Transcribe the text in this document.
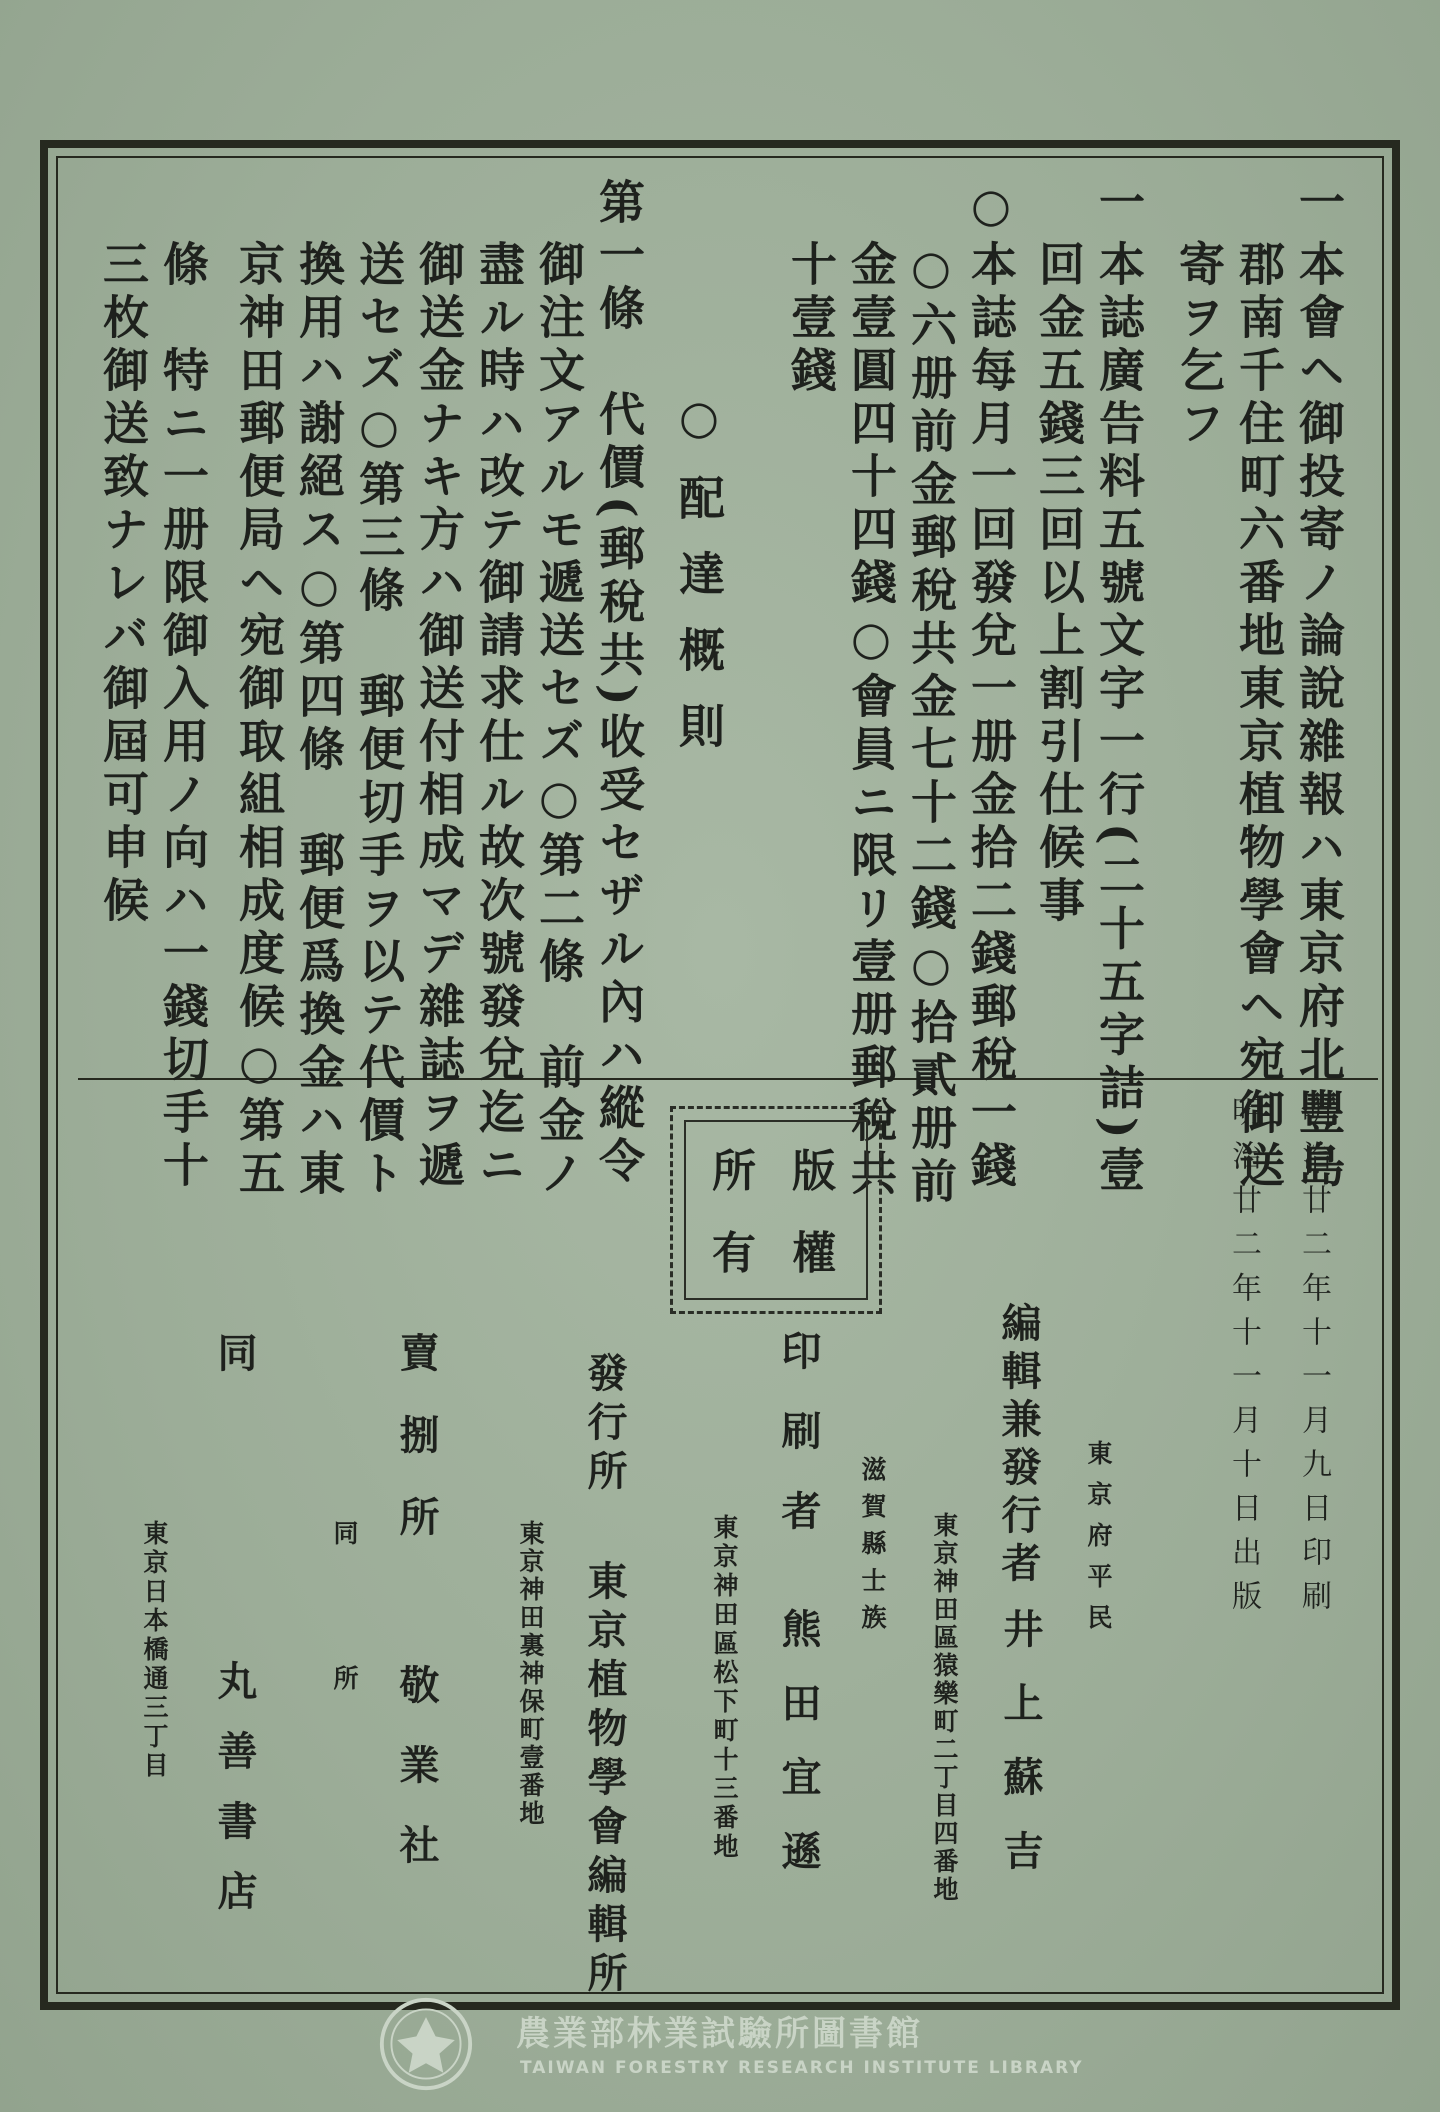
一
本會ヘ御投寄ノ論說雜報ハ東京府北豐島
郡南千住町六番地東京植物學會ヘ宛御送
寄ヲ乞フ
一
本誌廣告料五號文字一行(二十五字詰)壹
回金五錢三回以上割引仕候事
○
本誌每月一回發兌一册金拾二錢郵稅一錢
○六册前金郵稅共金七十二錢○拾貳册前
金壹圓四十四錢○會員ニ限リ壹册郵稅共
十壹錢
○配達概則
第一條　代價(郵稅共)收受セザル內ハ縱令
御注文アルモ遞送セズ○第二條　前金ノ
盡ル時ハ改テ御請求仕ル故次號發兌迄ニ
御送金ナキ方ハ御送付相成マデ雜誌ヲ遞
送セズ○第三條　郵便切手ヲ以テ代價ト
換用ハ謝絕ス○第四條　郵便爲換金ハ東
京神田郵便局ヘ宛御取組相成度候○第五
條　特ニ一册限御入用ノ向ハ一錢切手十
三枚御送致ナレバ御屆可申候
明治廿二年十一月九日印刷
明治廿二年十一月十日出版
版
權
所
有
編輯兼發行者 東京府平民
東京神田區猿樂町二丁目四番地 井上蘇吉
印刷者 滋賀縣士族
東京神田區松下町十三番地 熊田宜遜
發行所
東京植物學會編輯所
東京神田裏神保町壹番地
賣捌所
同所 敬業社
同
東京日本橋通三丁目
丸善書店
農業部林業試驗所圖書館
TAIWAN FORESTRY RESEARCH INSTITUTE LIBRARY
